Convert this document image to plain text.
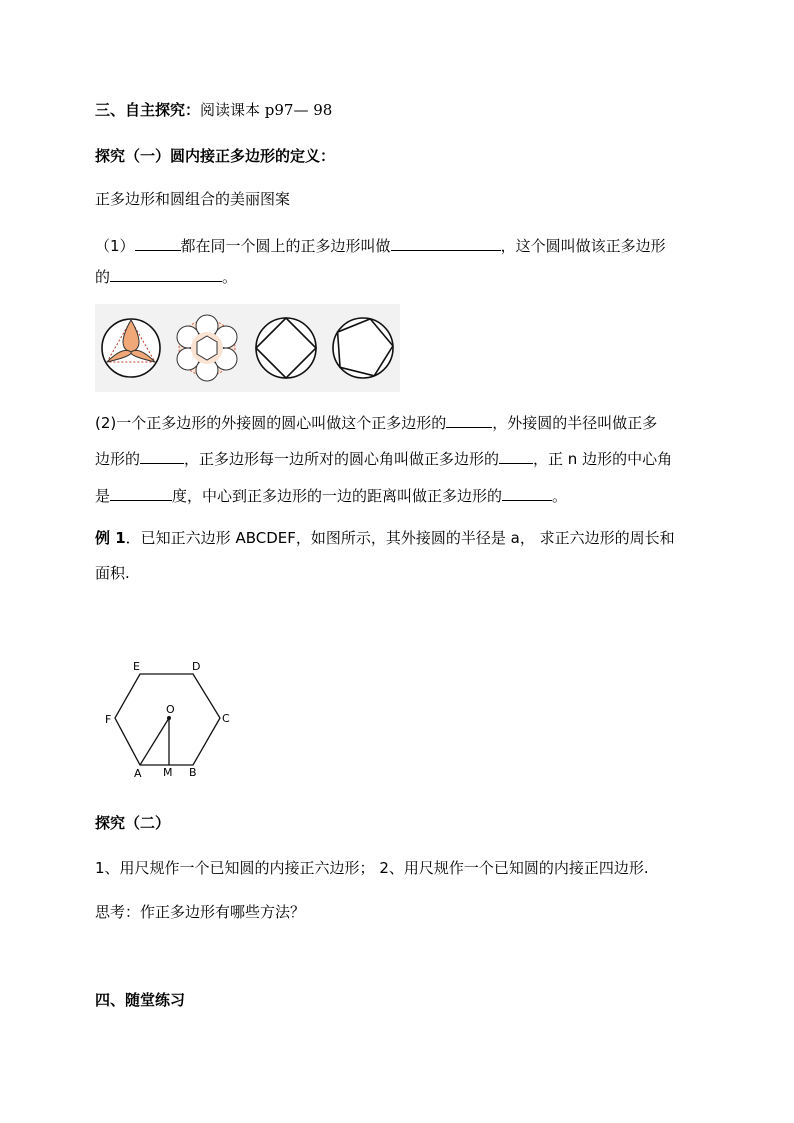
三、自主探究：阅读课本 p97— 98
探究（一）圆内接正多边形的定义：
正多边形和圆组合的美丽图案
（1）	都在同一个圆上的正多边形叫做	，这个圆叫做该正多边形
的	。
(2)一个正多边形的外接圆的圆心叫做这个正多边形的	，外接圆的半径叫做正多
边形的	，正多边形每一边所对的圆心角叫做正多边形的 ，正 n 边形的中心角
是	度，中心到正多边形的一边的距离叫做正多边形的	。
例 1．已知正六边形 ABCDEF，如图所示，其外接圆的半径是 a， 求正六边形的周长和
面积.
E	D
F	C
O
A M B
探究（二）
1、用尺规作一个已知圆的内接正六边形； 2、用尺规作一个已知圆的内接正四边形.
思考：作正多边形有哪些方法？
四、随堂练习
